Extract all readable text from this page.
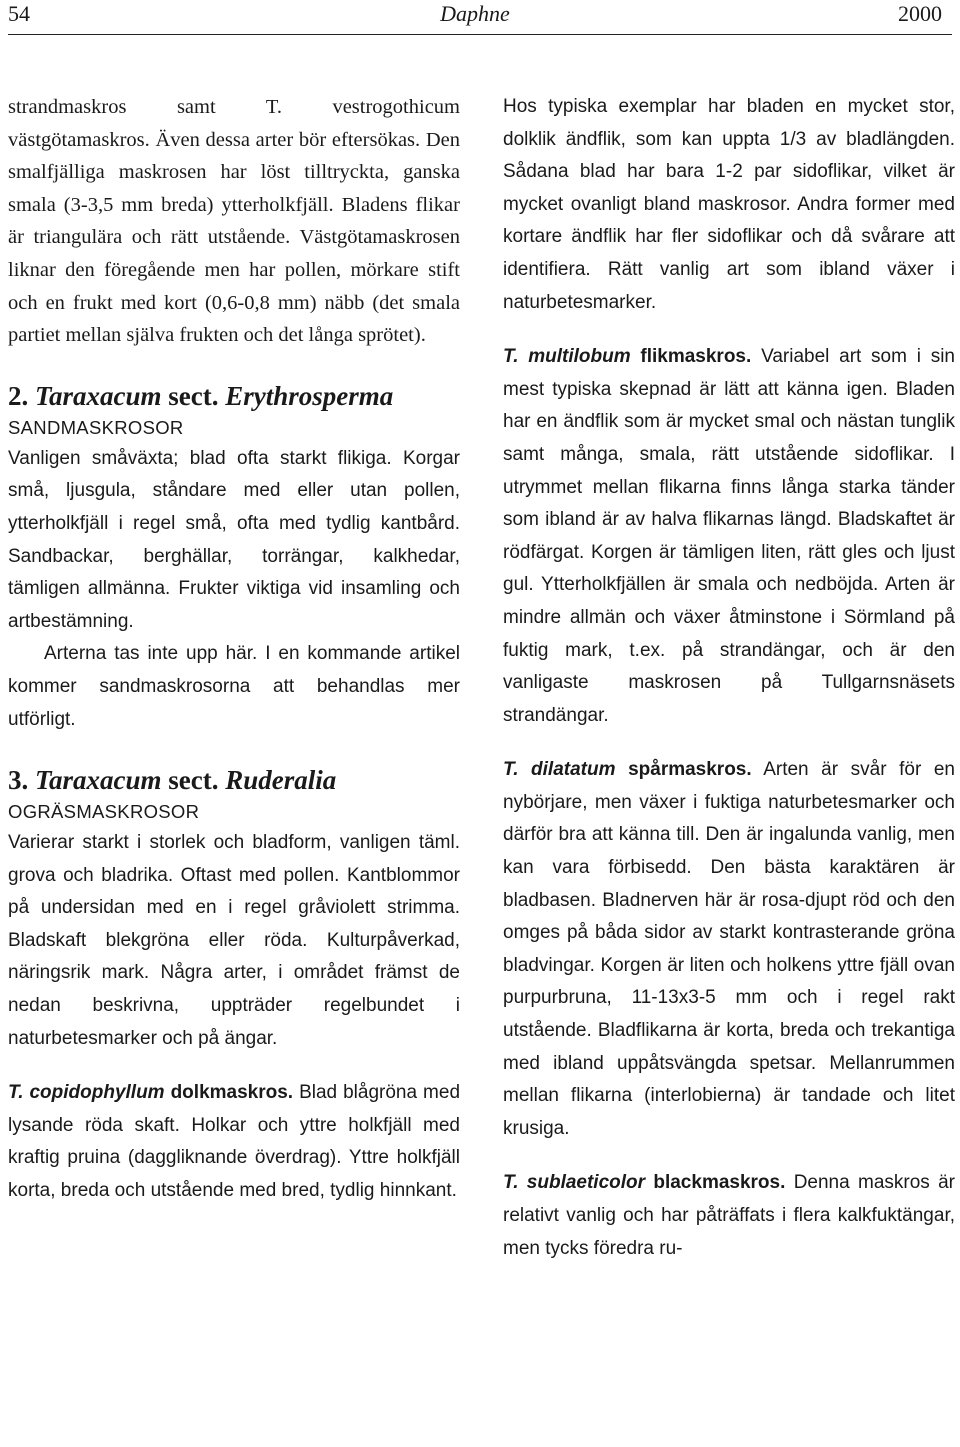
54	Daphne	2000

strandmaskros samt T. vestrogothicum västgötamaskros. Även dessa arter bör eftersökas. Den smalfjälliga maskrosen har löst tilltryckta, ganska smala (3-3,5 mm breda) ytterholkfjäll. Bladens flikar är triangulära och rätt utstående. Västgötamaskrosen liknar den föregående men har pollen, mörkare stift och en frukt med kort (0,6-0,8 mm) näbb (det smala partiet mellan själva frukten och det långa sprötet).

2. Taraxacum sect. Erythrosperma
SANDMASKROSOR

Vanligen småväxta; blad ofta starkt flikiga. Korgar små, ljusgula, ståndare med eller utan pollen, ytterholkfjäll i regel små, ofta med tydlig kantbård. Sandbackar, berghällar, torrängar, kalkhedar, tämligen allmänna. Frukter viktiga vid insamling och artbestämning.

Arterna tas inte upp här. I en kommande artikel kommer sandmaskrosorna att behandlas mer utförligt.

3. Taraxacum sect. Ruderalia
OGRÄSMASKROSOR

Varierar starkt i storlek och bladform, vanligen täml. grova och bladrika. Oftast med pollen. Kantblommor på undersidan med en i regel gråviolett strimma. Bladskaft blekgröna eller röda. Kulturpåverkad, näringsrik mark. Några arter, i området främst de nedan beskrivna, uppträder regelbundet i naturbetesmarker och på ängar.

T. copidophyllum dolkmaskros. Blad blågröna med lysande röda skaft. Holkar och yttre holkfjäll med kraftig pruina (daggliknande överdrag). Yttre holkfjäll korta, breda och utstående med bred, tydlig hinnkant.

Hos typiska exemplar har bladen en mycket stor, dolklik ändflik, som kan uppta 1/3 av bladlängden. Sådana blad har bara 1-2 par sidoflikar, vilket är mycket ovanligt bland maskrosor. Andra former med kortare ändflik har fler sidoflikar och då svårare att identifiera. Rätt vanlig art som ibland växer i naturbetesmarker.

T. multilobum flikmaskros. Variabel art som i sin mest typiska skepnad är lätt att känna igen. Bladen har en ändflik som är mycket smal och nästan tunglik samt många, smala, rätt utstående sidoflikar. I utrymmet mellan flikarna finns långa starka tänder som ibland är av halva flikarnas längd. Bladskaftet är rödfärgat. Korgen är tämligen liten, rätt gles och ljust gul. Ytterholkfjällen är smala och nedböjda. Arten är mindre allmän och växer åtminstone i Sörmland på fuktig mark, t.ex. på strandängar, och är den vanligaste maskrosen på Tullgarnsnäsets strandängar.

T. dilatatum spårmaskros. Arten är svår för en nybörjare, men växer i fuktiga naturbetesmarker och därför bra att känna till. Den är ingalunda vanlig, men kan vara förbisedd. Den bästa karaktären är bladbasen. Bladnerven här är rosa-djupt röd och den omges på båda sidor av starkt kontrasterande gröna bladvingar. Korgen är liten och holkens yttre fjäll ovan purpurbruna, 11-13x3-5 mm och i regel rakt utstående. Bladflikarna är korta, breda och trekantiga med ibland uppåtsvängda spetsar. Mellanrummen mellan flikarna (interlobierna) är tandade och litet krusiga.

T. sublaeticolor blackmaskros. Denna maskros är relativt vanlig och har påträffats i flera kalkfuktängar, men tycks föredra ru-
